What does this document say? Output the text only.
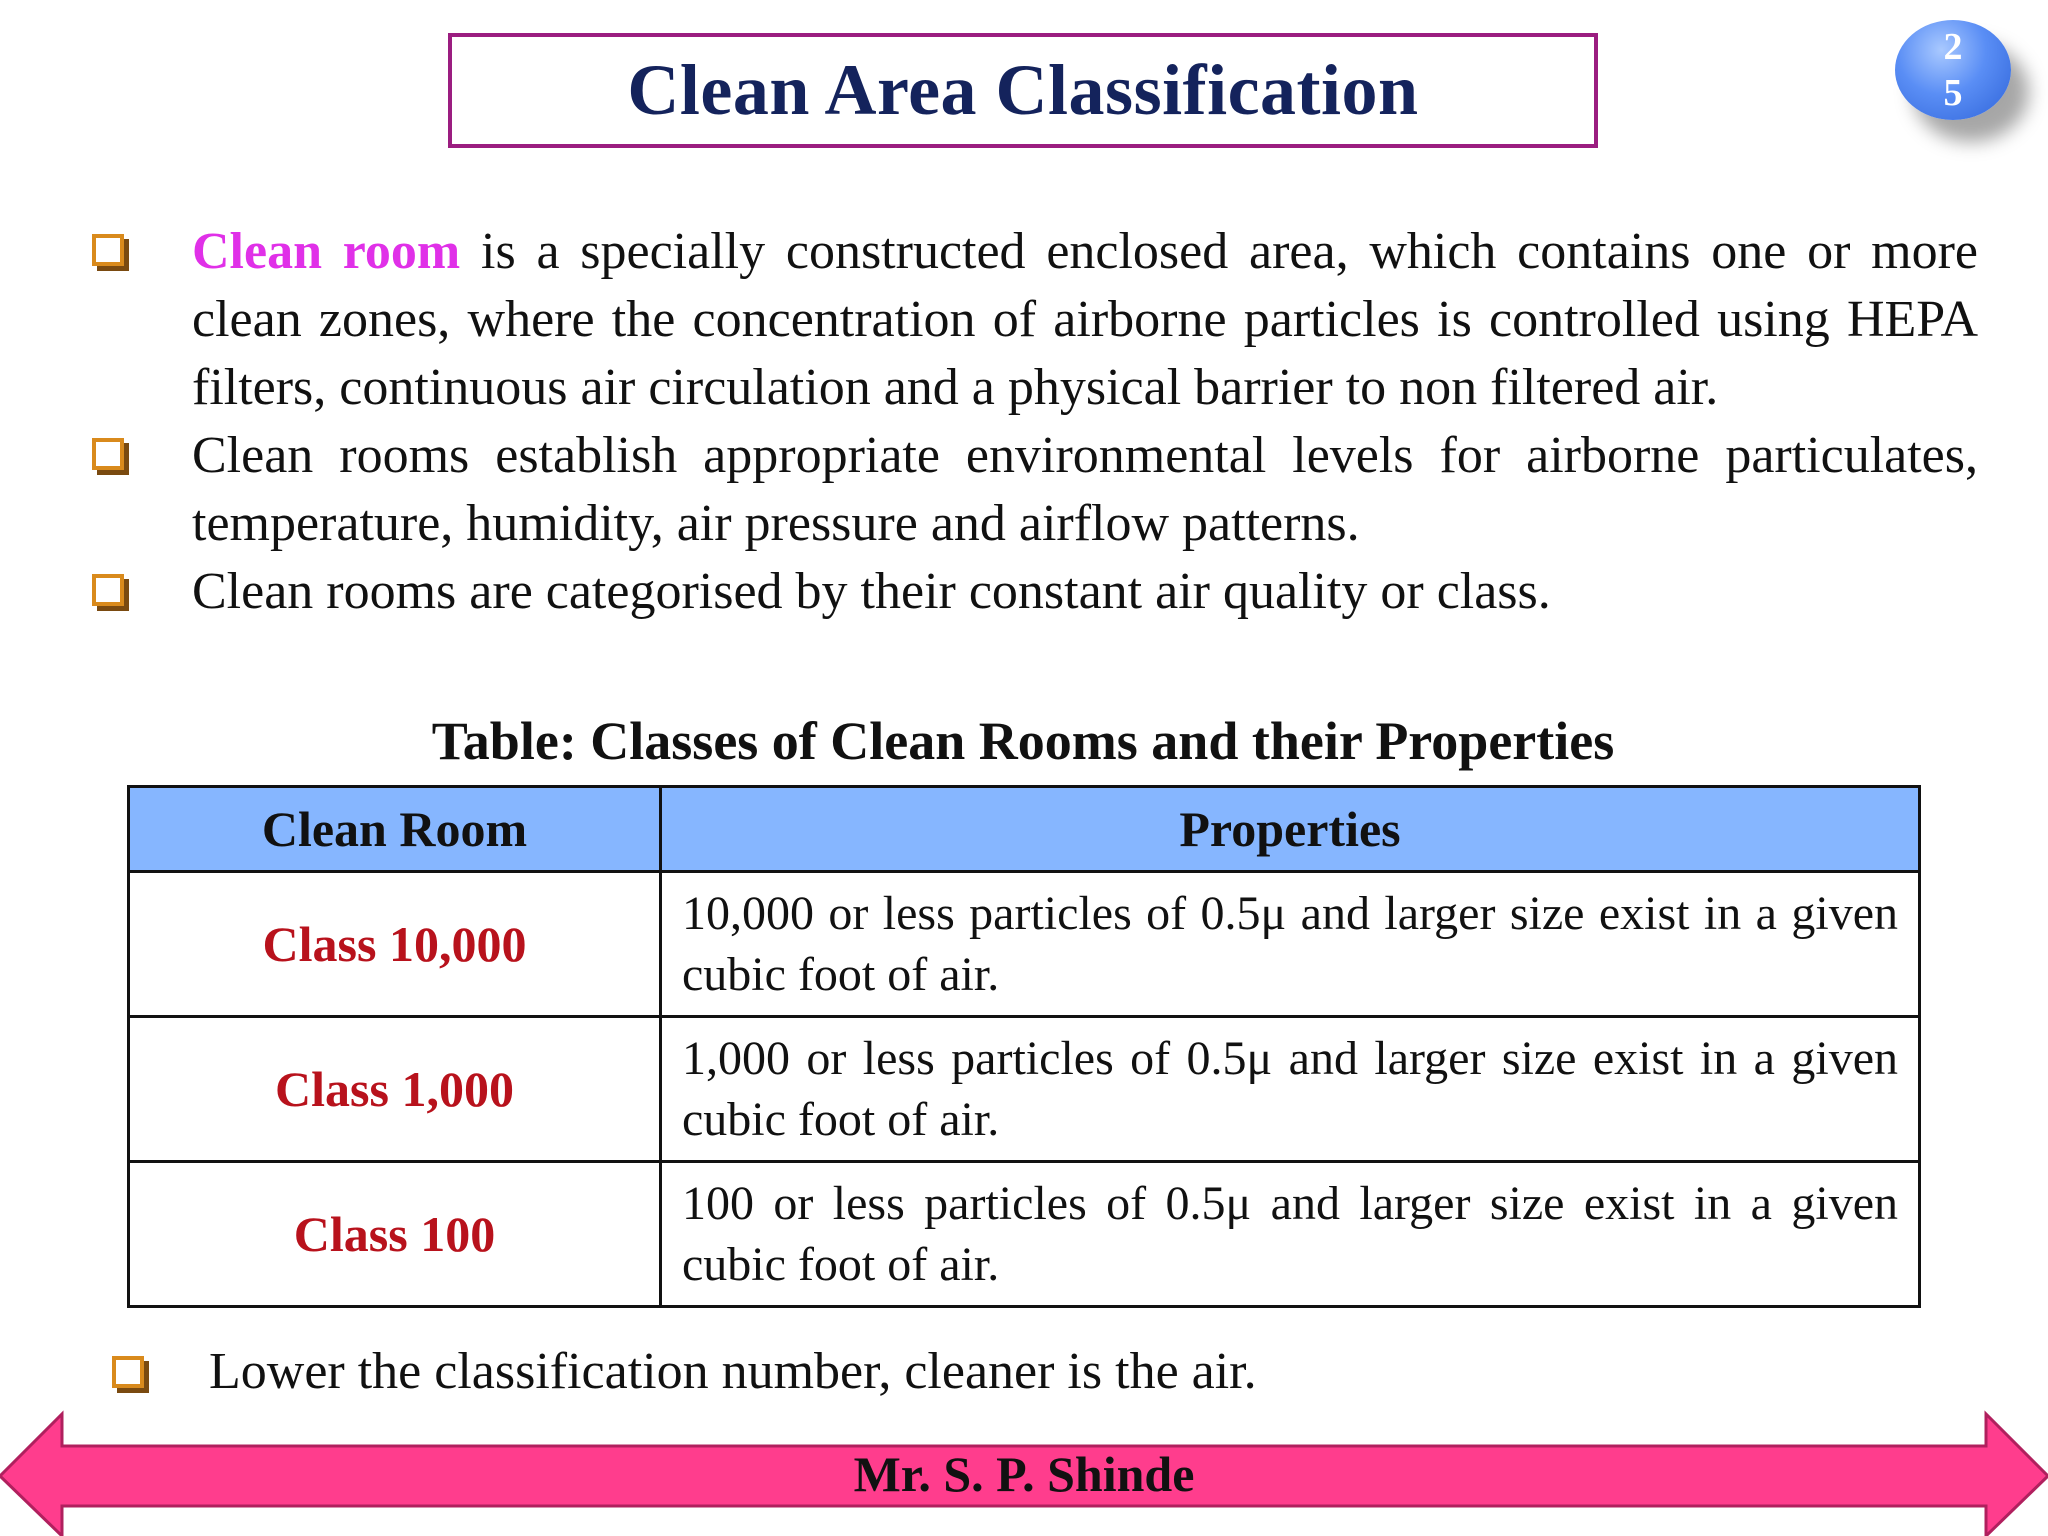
Clean Area Classification
2
5
Clean room is a specially constructed enclosed area, which contains one or more clean zones, where the concentration of airborne particles is controlled using HEPA filters, continuous air circulation and a physical barrier to non filtered air.
Clean rooms establish appropriate environmental levels for airborne particulates, temperature, humidity, air pressure and airflow patterns.
Clean rooms are categorised by their constant air quality or class.
Table: Classes of Clean Rooms and their Properties
Clean Room	Properties
Class 10,000	10,000 or less particles of 0.5μ and larger size exist in a given cubic foot of air.
Class 1,000	1,000 or less particles of 0.5μ and larger size exist in a given cubic foot of air.
Class 100	100 or less particles of 0.5μ and larger size exist in a given cubic foot of air.
Lower the classification number, cleaner is the air.
Mr. S. P. Shinde
